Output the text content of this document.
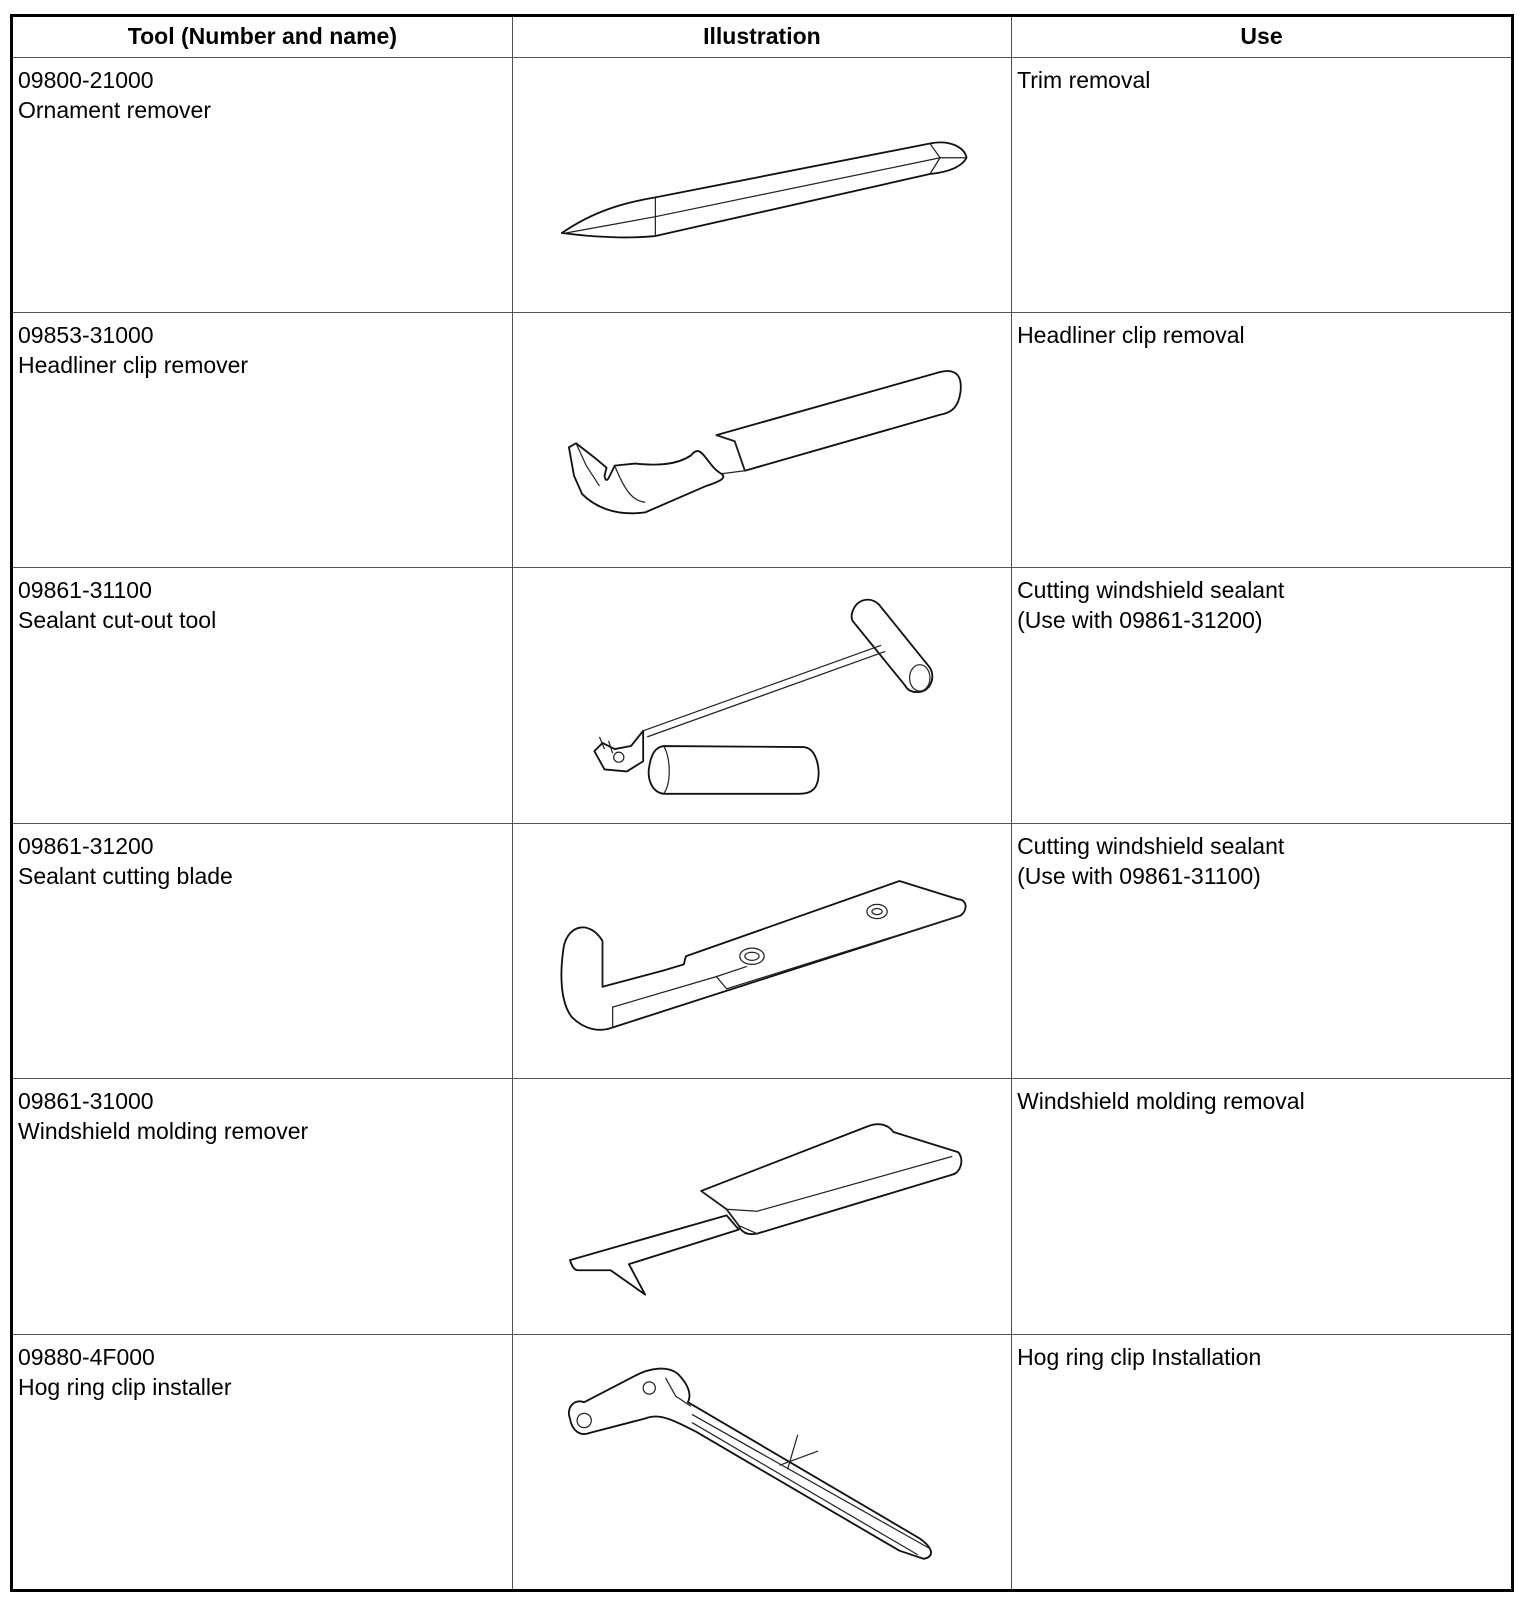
Tool (Number and name)	Illustration	Use

09800-21000
Ornament remover		Trim removal

09853-31000
Headliner clip remover		Headliner clip removal

09861-31100
Sealant cut-out tool		Cutting windshield sealant
(Use with 09861-31200)

09861-31200
Sealant cutting blade		Cutting windshield sealant
(Use with 09861-31100)

09861-31000
Windshield molding remover		Windshield molding removal

09880-4F000
Hog ring clip installer		Hog ring clip Installation
